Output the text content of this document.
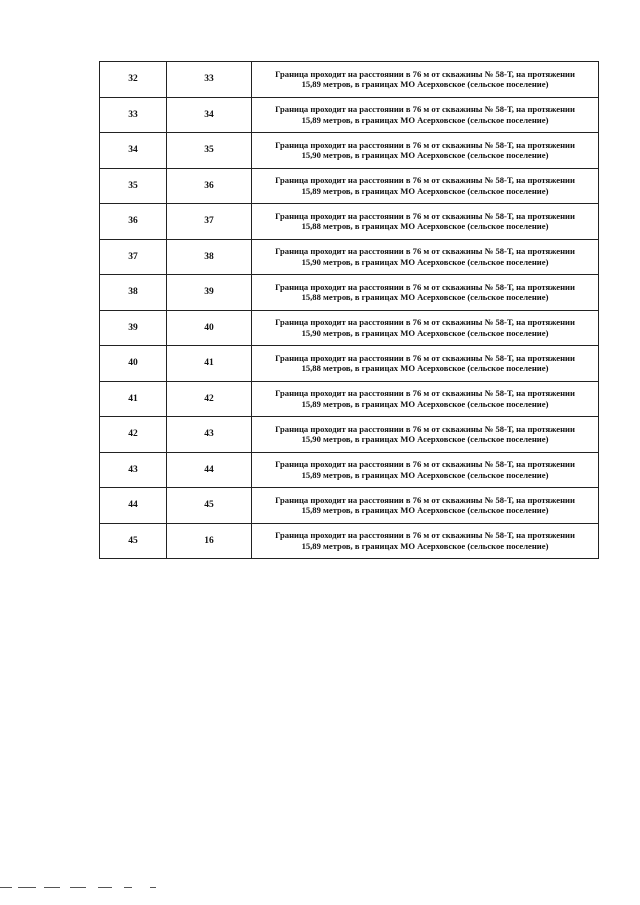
32	33	Граница проходит на расстоянии в 76 м от скважины № 58-Т, на протяжении 15,89 метров, в границах МО Асерховское (сельское поселение)

33	34	Граница проходит на расстоянии в 76 м от скважины № 58-Т, на протяжении 15,89 метров, в границах МО Асерховское (сельское поселение)

34	35	Граница проходит на расстоянии в 76 м от скважины № 58-Т, на протяжении 15,90 метров, в границах МО Асерховское (сельское поселение)

35	36	Граница проходит на расстоянии в 76 м от скважины № 58-Т, на протяжении 15,89 метров, в границах МО Асерховское (сельское поселение)

36	37	Граница проходит на расстоянии в 76 м от скважины № 58-Т, на протяжении 15,88 метров, в границах МО Асерховское (сельское поселение)

37	38	Граница проходит на расстоянии в 76 м от скважины № 58-Т, на протяжении 15,90 метров, в границах МО Асерховское (сельское поселение)

38	39	Граница проходит на расстоянии в 76 м от скважины № 58-Т, на протяжении 15,88 метров, в границах МО Асерховское (сельское поселение)

39	40	Граница проходит на расстоянии в 76 м от скважины № 58-Т, на протяжении 15,90 метров, в границах МО Асерховское (сельское поселение)

40	41	Граница проходит на расстоянии в 76 м от скважины № 58-Т, на протяжении 15,88 метров, в границах МО Асерховское (сельское поселение)

41	42	Граница проходит на расстоянии в 76 м от скважины № 58-Т, на протяжении 15,89 метров, в границах МО Асерховское (сельское поселение)

42	43	Граница проходит на расстоянии в 76 м от скважины № 58-Т, на протяжении 15,90 метров, в границах МО Асерховское (сельское поселение)

43	44	Граница проходит на расстоянии в 76 м от скважины № 58-Т, на протяжении 15,89 метров, в границах МО Асерховское (сельское поселение)

44	45	Граница проходит на расстоянии в 76 м от скважины № 58-Т, на протяжении 15,89 метров, в границах МО Асерховское (сельское поселение)

45	16	Граница проходит на расстоянии в 76 м от скважины № 58-Т, на протяжении 15,89 метров, в границах МО Асерховское (сельское поселение)
